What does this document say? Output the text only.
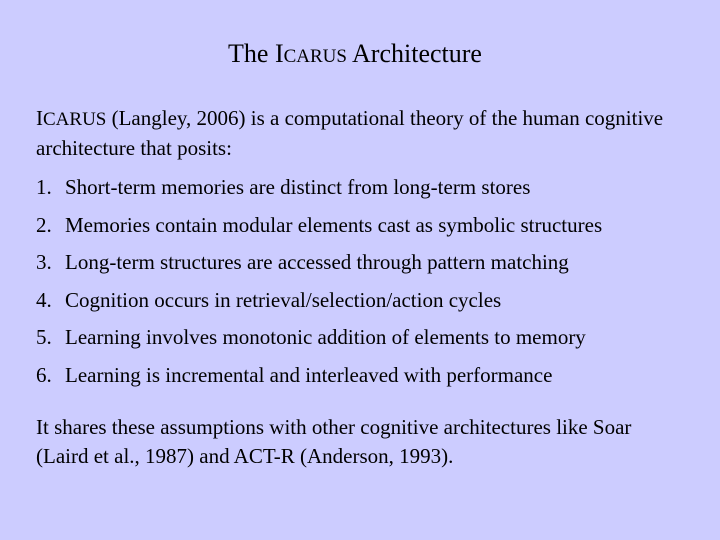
The ICARUS Architecture
ICARUS (Langley, 2006) is a computational theory of the human cognitive architecture that posits:
1. Short-term memories are distinct from long-term stores
2. Memories contain modular elements cast as symbolic structures
3. Long-term structures are accessed through pattern matching
4. Cognition occurs in retrieval/selection/action cycles
5. Learning involves monotonic addition of elements to memory
6. Learning is incremental and interleaved with performance
It shares these assumptions with other cognitive architectures like Soar (Laird et al., 1987) and ACT-R (Anderson, 1993).
